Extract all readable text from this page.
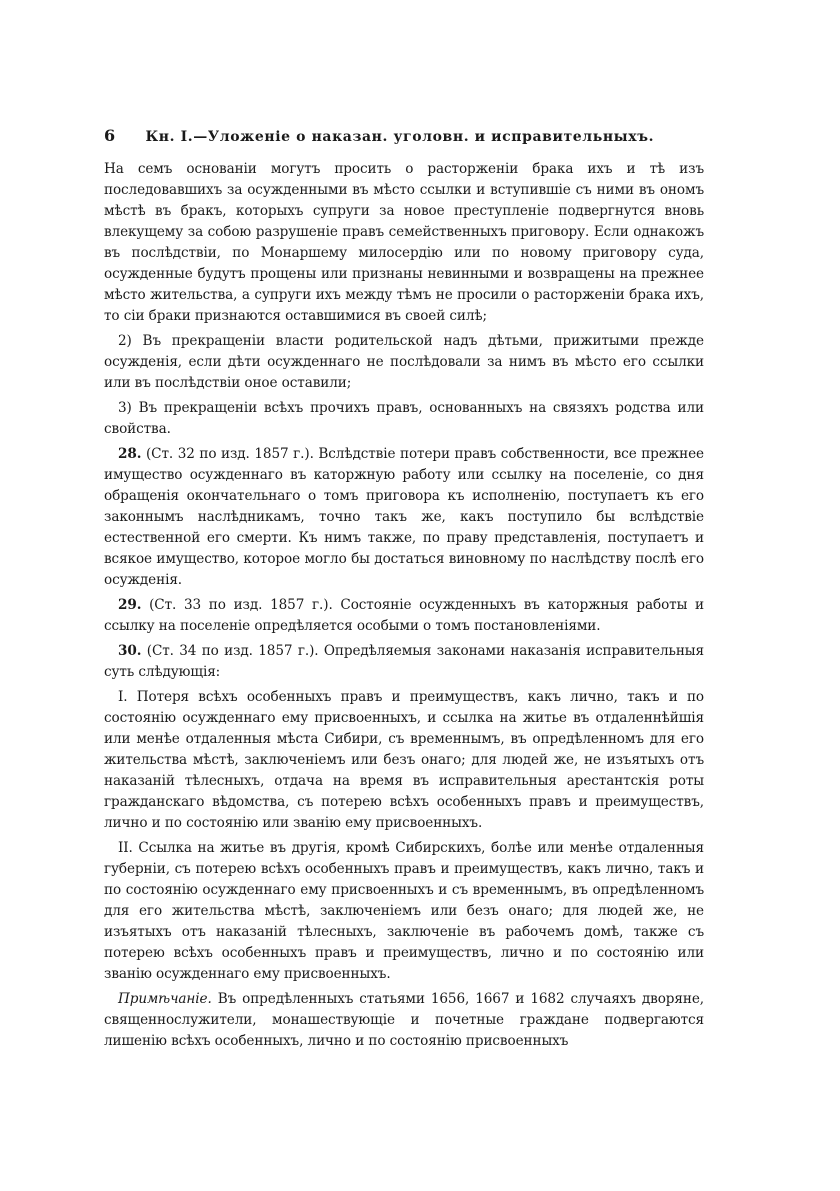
6 Кн. I.—Уложеніе о наказан. уголовн. и исправительныхъ.

На семъ основаніи могутъ просить о расторженіи брака ихъ и тѣ изъ последовавшихъ за осужденными въ мѣсто ссылки и вступившіе съ ними въ ономъ мѣстѣ въ бракъ, которыхъ супруги за новое преступленіе подвергнутся вновь влекущему за собою разрушеніе правъ семейственныхъ приговору. Если однакожъ въ послѣдствіи, по Монаршему милосердію или по новому приговору суда, осужденные будутъ прощены или признаны невинными и возвращены на прежнее мѣсто жительства, а супруги ихъ между тѣмъ не просили о расторженіи брака ихъ, то сіи браки признаются оставшимися въ своей силѣ;

2) Въ прекращеніи власти родительской надъ дѣтьми, прижитыми прежде осужденія, если дѣти осужденнаго не послѣдовали за нимъ въ мѣсто его ссылки или въ послѣдствіи оное оставили;

3) Въ прекращеніи всѣхъ прочихъ правъ, основанныхъ на связяхъ родства или свойства.

28. (Ст. 32 по изд. 1857 г.). Вслѣдствіе потери правъ собственности, все прежнее имущество осужденнаго въ каторжную работу или ссылку на поселеніе, со дня обращенія окончательнаго о томъ приговора къ исполненію, поступаетъ къ его законнымъ наслѣдникамъ, точно такъ же, какъ поступило бы вслѣдствіе естественной его смерти. Къ нимъ также, по праву представленія, поступаетъ и всякое имущество, которое могло бы достаться виновному по наслѣдству послѣ его осужденія.

29. (Ст. 33 по изд. 1857 г.). Состояніе осужденныхъ въ каторжныя работы и ссылку на поселеніе опредѣляется особыми о томъ постановленіями.

30. (Ст. 34 по изд. 1857 г.). Опредѣляемыя законами наказанія исправительныя суть слѣдующія:

I. Потеря всѣхъ особенныхъ правъ и преимуществъ, какъ лично, такъ и по состоянію осужденнаго ему присвоенныхъ, и ссылка на житье въ отдаленнѣйшія или менѣе отдаленныя мѣста Сибири, съ временнымъ, въ опредѣленномъ для его жительства мѣстѣ, заключеніемъ или безъ онаго; для людей же, не изъятыхъ отъ наказаній тѣлесныхъ, отдача на время въ исправительныя арестантскія роты гражданскаго вѣдомства, съ потерею всѣхъ особенныхъ правъ и преимуществъ, лично и по состоянію или званію ему присвоенныхъ.

II. Ссылка на житье въ другія, кромѣ Сибирскихъ, болѣе или менѣе отдаленныя губерніи, съ потерею всѣхъ особенныхъ правъ и преимуществъ, какъ лично, такъ и по состоянію осужденнаго ему присвоенныхъ и съ временнымъ, въ опредѣленномъ для его жительства мѣстѣ, заключеніемъ или безъ онаго; для людей же, не изъятыхъ отъ наказаній тѣлесныхъ, заключеніе въ рабочемъ домѣ, также съ потерею всѣхъ особенныхъ правъ и преимуществъ, лично и по состоянію или званію осужденнаго ему присвоенныхъ.

Примѣчаніе. Въ опредѣленныхъ статьями 1656, 1667 и 1682 случаяхъ дворяне, священнослужители, монашествующіе и почетные граждане подвергаются лишенію всѣхъ особенныхъ, лично и по состоянію присвоенныхъ
